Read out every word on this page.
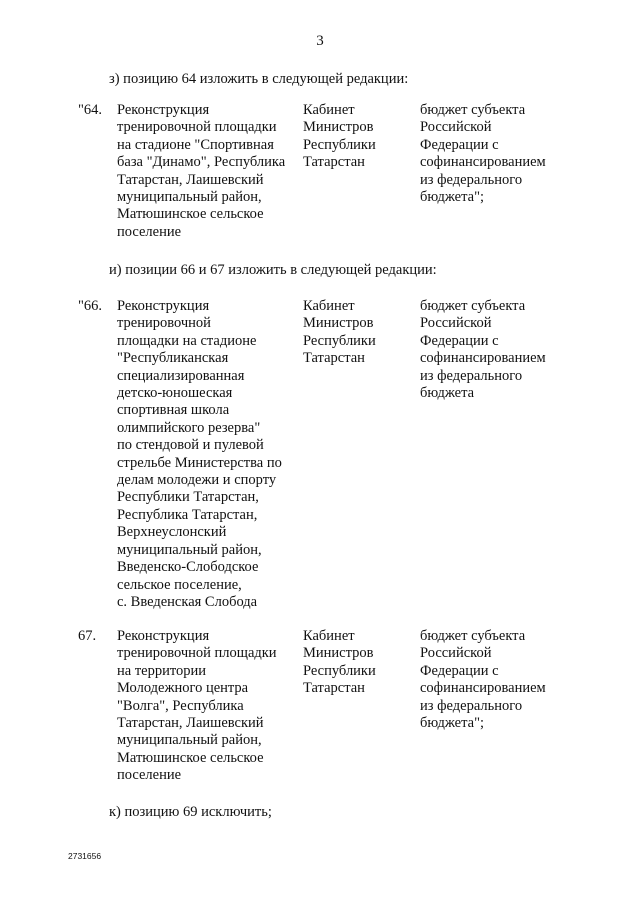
3
з) позицию 64 изложить в следующей редакции:
"64. Реконструкция
тренировочной площадки
на стадионе "Спортивная
база "Динамо", Республика
Татарстан, Лаишевский
муниципальный район,
Матюшинское сельское
поселение
Кабинет
Министров
Республики
Татарстан
бюджет субъекта
Российской
Федерации с
софинансированием
из федерального
бюджета";
и) позиции 66 и 67 изложить в следующей редакции:
"66. Реконструкция
тренировочной
площадки на стадионе
"Республиканская
специализированная
детско-юношеская
спортивная школа
олимпийского резерва"
по стендовой и пулевой
стрельбе Министерства по
делам молодежи и спорту
Республики Татарстан,
Республика Татарстан,
Верхнеуслонский
муниципальный район,
Введенско-Слободское
сельское поселение,
с. Введенская Слобода
Кабинет
Министров
Республики
Татарстан
бюджет субъекта
Российской
Федерации с
софинансированием
из федерального
бюджета
67. Реконструкция
тренировочной площадки
на территории
Молодежного центра
"Волга", Республика
Татарстан, Лаишевский
муниципальный район,
Матюшинское сельское
поселение
Кабинет
Министров
Республики
Татарстан
бюджет субъекта
Российской
Федерации с
софинансированием
из федерального
бюджета";
к) позицию 69 исключить;
2731656
